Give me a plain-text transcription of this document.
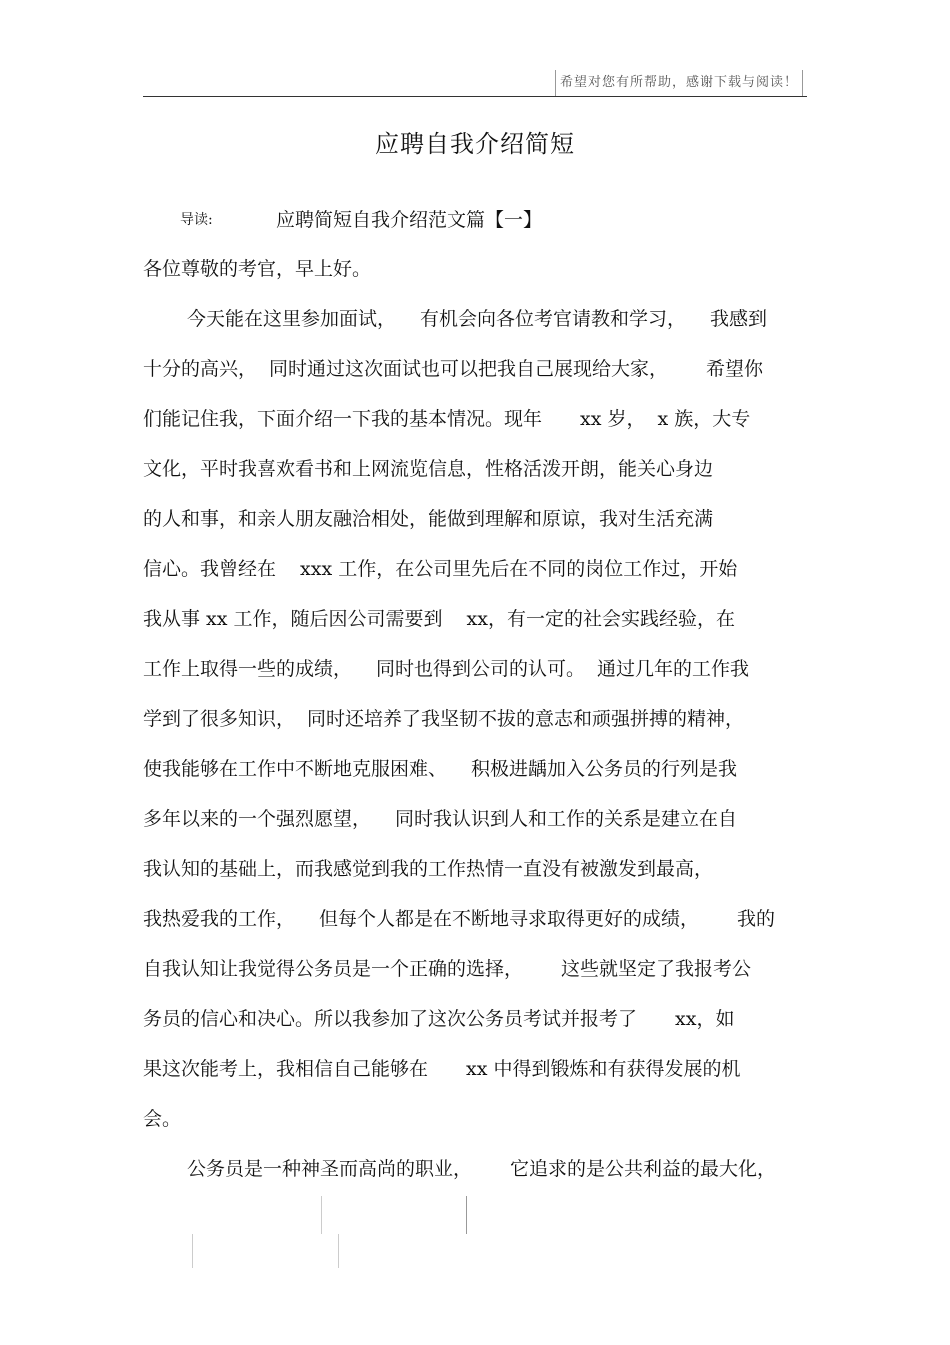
希望对您有所帮助，感谢下载与阅读！
应聘自我介绍简短
导读:	应聘简短自我介绍范文篇【一】
各位尊敬的考官，早上好。
今天能在这里参加面试， 有机会向各位考官请教和学习， 我感到
十分的高兴， 同时通过这次面试也可以把我自己展现给大家， 希望你
们能记住我，下面介绍一下我的基本情况。现年 xx 岁， x 族，大专
文化，平时我喜欢看书和上网流览信息，性格活泼开朗，能关心身边
的人和事，和亲人朋友融洽相处，能做到理解和原谅，我对生活充满
信心。我曾经在 xxx 工作，在公司里先后在不同的岗位工作过，开始
我从事 xx 工作，随后因公司需要到 xx，有一定的社会实践经验，在
工作上取得一些的成绩， 同时也得到公司的认可。 通过几年的工作我
学到了很多知识， 同时还培养了我坚韧不拔的意志和顽强拼搏的精神，
使我能够在工作中不断地克服困难、 积极进龋加入公务员的行列是我
多年以来的一个强烈愿望， 同时我认识到人和工作的关系是建立在自
我认知的基础上，而我感觉到我的工作热情一直没有被激发到最高，
我热爱我的工作， 但每个人都是在不断地寻求取得更好的成绩， 我的
自我认知让我觉得公务员是一个正确的选择， 这些就坚定了我报考公
务员的信心和决心。所以我参加了这次公务员考试并报考了 xx，如
果这次能考上，我相信自己能够在 xx 中得到锻炼和有获得发展的机
会。
公务员是一种神圣而高尚的职业， 它追求的是公共利益的最大化，
